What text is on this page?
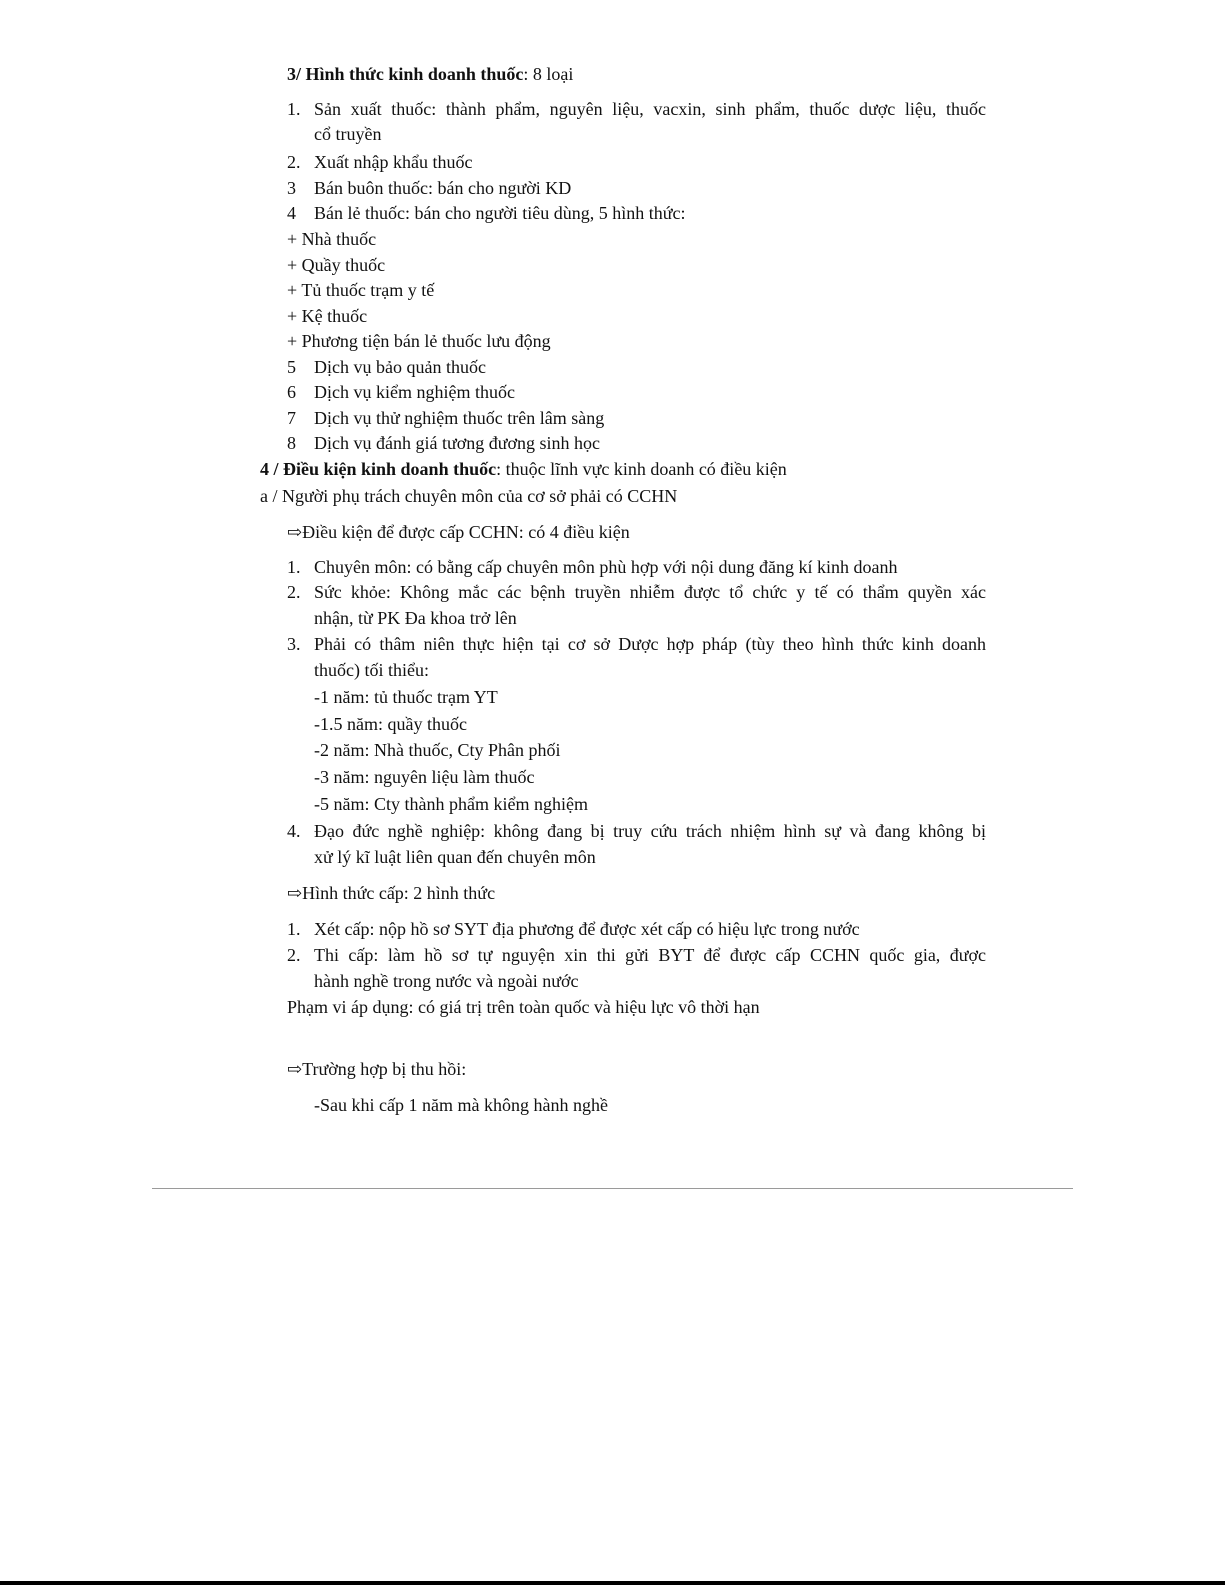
3/ Hình thức kinh doanh thuốc: 8 loại
1. Sản xuất thuốc: thành phẩm, nguyên liệu, vacxin, sinh phẩm, thuốc dược liệu, thuốc
cổ truyền
2. Xuất nhập khẩu thuốc
3 Bán buôn thuốc: bán cho người KD
4 Bán lẻ thuốc: bán cho người tiêu dùng, 5 hình thức:
+ Nhà thuốc
+ Quầy thuốc
+ Tủ thuốc trạm y tế
+ Kệ thuốc
+ Phương tiện bán lẻ thuốc lưu động
5 Dịch vụ bảo quản thuốc
6 Dịch vụ kiểm nghiệm thuốc
7 Dịch vụ thử nghiệm thuốc trên lâm sàng
8 Dịch vụ đánh giá tương đương sinh học
4 / Điều kiện kinh doanh thuốc: thuộc lĩnh vực kinh doanh có điều kiện
a / Người phụ trách chuyên môn của cơ sở phải có CCHN
⇨Điều kiện để được cấp CCHN: có 4 điều kiện
1. Chuyên môn: có bằng cấp chuyên môn phù hợp với nội dung đăng kí kinh doanh
2. Sức khỏe: Không mắc các bệnh truyền nhiễm được tổ chức y tế có thẩm quyền xác
nhận, từ PK Đa khoa trở lên
3. Phải có thâm niên thực hiện tại cơ sở Dược hợp pháp (tùy theo hình thức kinh doanh
thuốc) tối thiểu:
-1 năm: tủ thuốc trạm YT
-1.5 năm: quầy thuốc
-2 năm: Nhà thuốc, Cty Phân phối
-3 năm: nguyên liệu làm thuốc
-5 năm: Cty thành phẩm kiểm nghiệm
4. Đạo đức nghề nghiệp: không đang bị truy cứu trách nhiệm hình sự và đang không bị
xử lý kĩ luật liên quan đến chuyên môn
⇨Hình thức cấp: 2 hình thức
1. Xét cấp: nộp hồ sơ SYT địa phương để được xét cấp có hiệu lực trong nước
2. Thi cấp: làm hồ sơ tự nguyện xin thi gửi BYT để được cấp CCHN quốc gia, được
hành nghề trong nước và ngoài nước
Phạm vi áp dụng: có giá trị trên toàn quốc và hiệu lực vô thời hạn
⇨Trường hợp bị thu hồi:
-Sau khi cấp 1 năm mà không hành nghề
